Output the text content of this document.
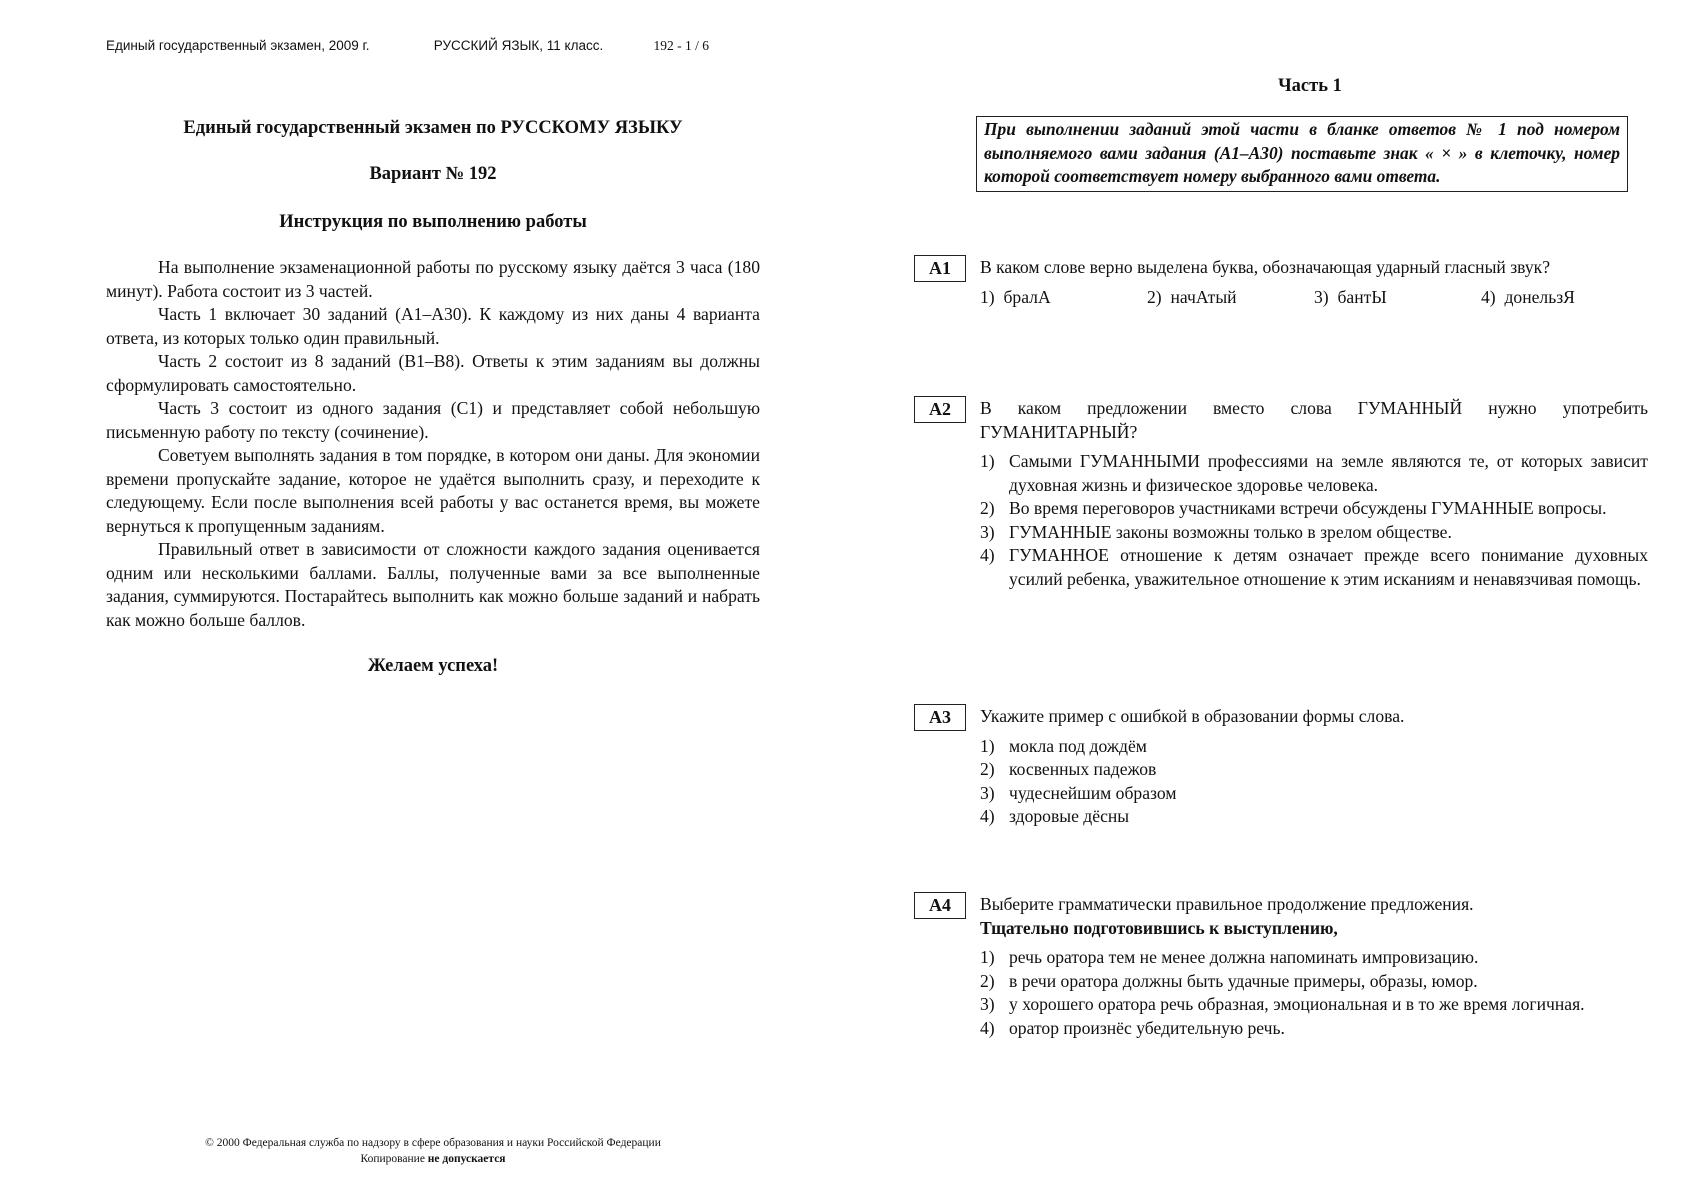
Единый государственный экзамен, 2009 г.	РУССКИЙ ЯЗЫК, 11 класс.	192 - 1 / 6

Единый государственный экзамен по РУССКОМУ ЯЗЫКУ

Вариант № 192

Инструкция по выполнению работы

На выполнение экзаменационной работы по русскому языку даётся 3 часа (180 минут). Работа состоит из 3 частей.

Часть 1 включает 30 заданий (А1–А30). К каждому из них даны 4 варианта ответа, из которых только один правильный.

Часть 2 состоит из 8 заданий (В1–В8). Ответы к этим заданиям вы должны сформулировать самостоятельно.

Часть 3 состоит из одного задания (С1) и представляет собой небольшую письменную работу по тексту (сочинение).

Советуем выполнять задания в том порядке, в котором они даны. Для экономии времени пропускайте задание, которое не удаётся выполнить сразу, и переходите к следующему. Если после выполнения всей работы у вас останется время, вы можете вернуться к пропущенным заданиям.

Правильный ответ в зависимости от сложности каждого задания оценивается одним или несколькими баллами. Баллы, полученные вами за все выполненные задания, суммируются. Постарайтесь выполнить как можно больше заданий и набрать как можно больше баллов.

Желаем успеха!
© 2000 Федеральная служба по надзору в сфере образования и науки Российской Федерации
Копирование не допускается
Часть 1
При выполнении заданий этой части в бланке ответов № 1 под номером выполняемого вами задания (А1–А30) поставьте знак « × » в клеточку, номер которой соответствует номеру выбранного вами ответа.
А1	В каком слове верно выделена буква, обозначающая ударный гласный звук?
1) бралА	2) начАтый	3) бантЫ	4) донельзЯ
А2	В каком предложении вместо слова ГУМАННЫЙ нужно употребить ГУМАНИТАРНЫЙ?
1) Самыми ГУМАННЫМИ профессиями на земле являются те, от которых зависит духовная жизнь и физическое здоровье человека.
2) Во время переговоров участниками встречи обсуждены ГУМАННЫЕ вопросы.
3) ГУМАННЫЕ законы возможны только в зрелом обществе.
4) ГУМАННОЕ отношение к детям означает прежде всего понимание духовных усилий ребенка, уважительное отношение к этим исканиям и ненавязчивая помощь.
А3	Укажите пример с ошибкой в образовании формы слова.
1) мокла под дождём
2) косвенных падежов
3) чудеснейшим образом
4) здоровые дёсны
А4	Выберите грамматически правильное продолжение предложения.
Тщательно подготовившись к выступлению,
1) речь оратора тем не менее должна напоминать импровизацию.
2) в речи оратора должны быть удачные примеры, образы, юмор.
3) у хорошего оратора речь образная, эмоциональная и в то же время логичная.
4) оратор произнёс убедительную речь.
